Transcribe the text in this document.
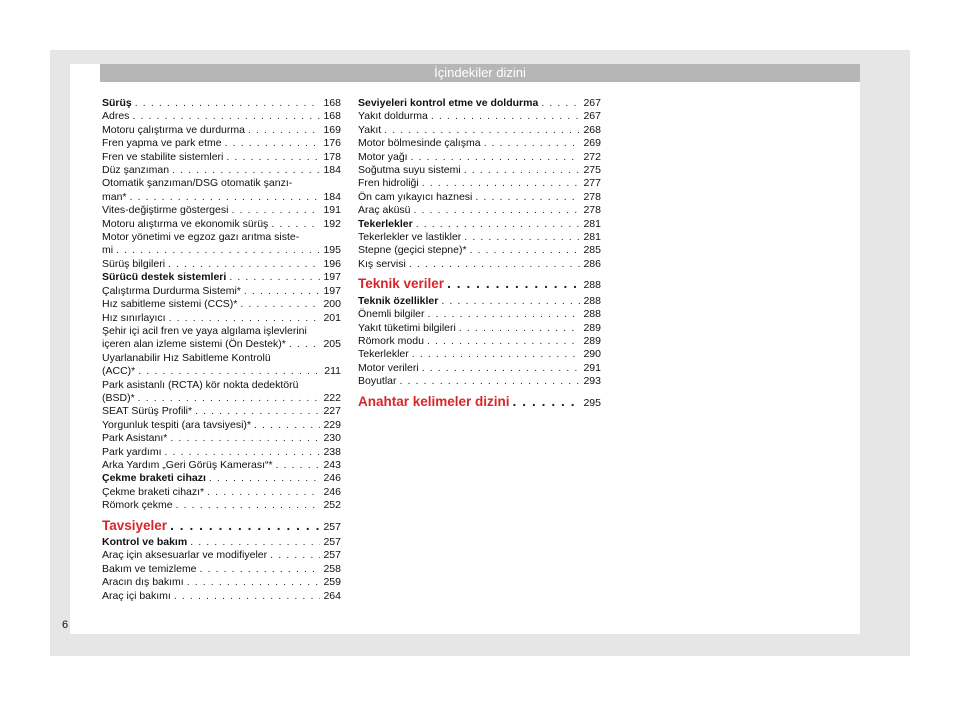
İçindekiler dizini
Sürüş . . .	168
Adres . . .	168
Motoru çalıştırma ve durdurma . . .	169
Fren yapma ve park etme . . .	176
Fren ve stabilite sistemleri . . .	178
Düz şanzıman . . .	184
Otomatik şanzıman/DSG otomatik şanzı-
man* . . .	184
Vites-değiştirme göstergesi . . .	191
Motoru alıştırma ve ekonomik sürüş . . .	192
Motor yönetimi ve egzoz gazı arıtma siste-
mi . . .	195
Sürüş bilgileri . . .	196
Sürücü destek sistemleri . . .	197
Çalıştırma Durdurma Sistemi* . . .	197
Hız sabitleme sistemi (CCS)* . . .	200
Hız sınırlayıcı . . .	201
Şehir içi acil fren ve yaya algılama işlevlerini
içeren alan izleme sistemi (Ön Destek)* . . .	205
Uyarlanabilir Hız Sabitleme Kontrolü
(ACC)* . . .	211
Park asistanlı (RCTA) kör nokta dedektörü
(BSD)* . . .	222
SEAT Sürüş Profili* . . .	227
Yorgunluk tespiti (ara tavsiyesi)* . . .	229
Park Asistanı* . . .	230
Park yardımı . . .	238
Arka Yardım „Geri Görüş Kamerası“* . . .	243
Çekme braketi cihazı . . .	246
Çekme braketi cihazı* . . .	246
Römork çekme . . .	252
Tavsiyeler . . .	257
Kontrol ve bakım . . .	257
Araç için aksesuarlar ve modifiyeler . . .	257
Bakım ve temizleme . . .	258
Aracın dış bakımı . . .	259
Araç içi bakımı . . .	264
Seviyeleri kontrol etme ve doldurma . . .	267
Yakıt doldurma . . .	267
Yakıt . . .	268
Motor bölmesinde çalışma . . .	269
Motor yağı . . .	272
Soğutma suyu sistemi . . .	275
Fren hidroliği . . .	277
Ön cam yıkayıcı haznesi . . .	278
Araç aküsü . . .	278
Tekerlekler . . .	281
Tekerlekler ve lastikler . . .	281
Stepne (geçici stepne)* . . .	285
Kış servisi . . .	286
Teknik veriler . . .	288
Teknik özellikler . . .	288
Önemli bilgiler . . .	288
Yakıt tüketimi bilgileri . . .	289
Römork modu . . .	289
Tekerlekler . . .	290
Motor verileri . . .	291
Boyutlar . . .	293
Anahtar kelimeler dizini . . .	295
6
